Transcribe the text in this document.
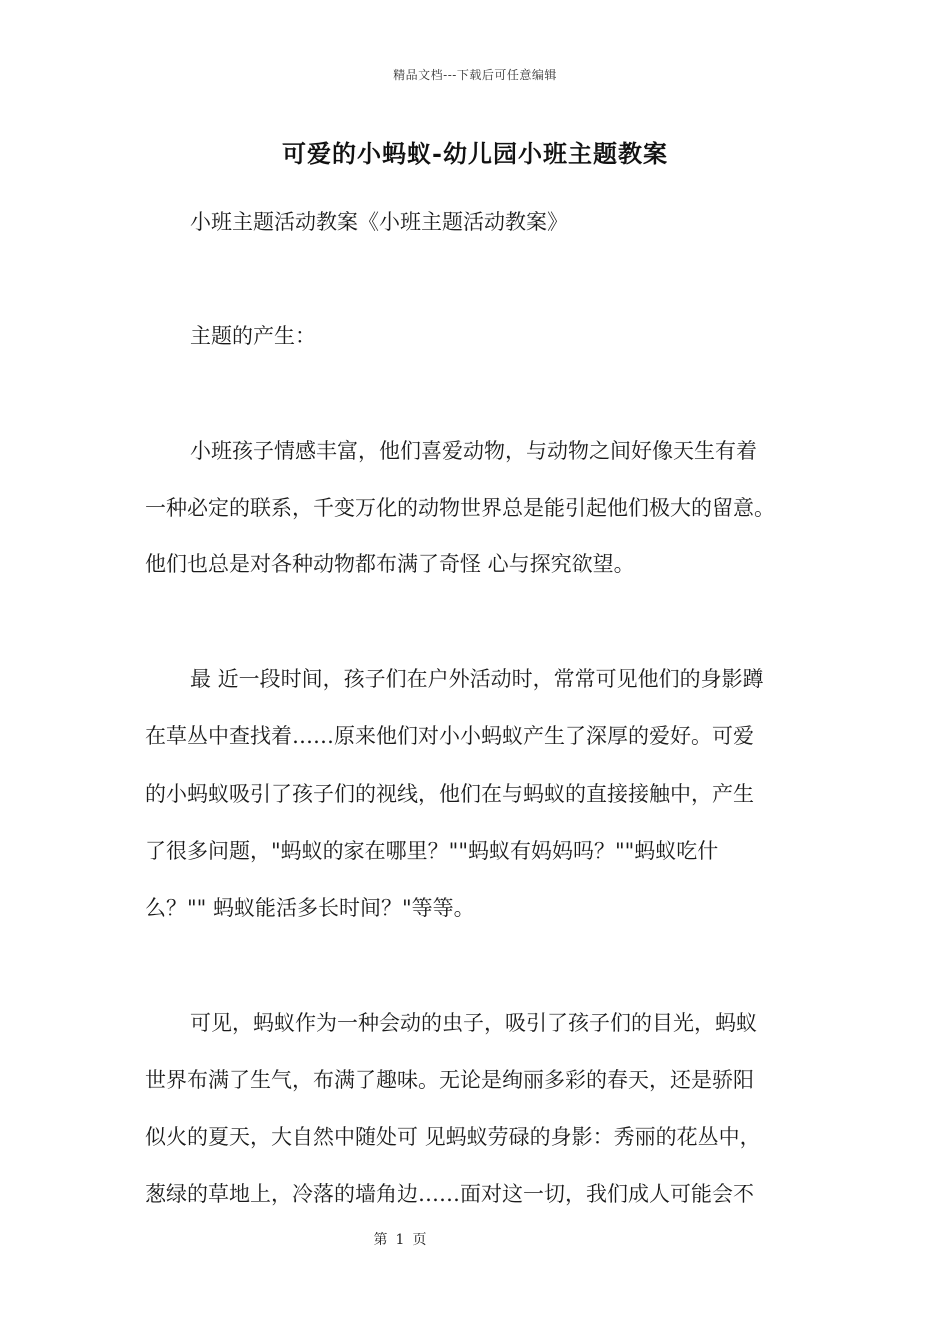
精品文档---下载后可任意编辑
可爱的小蚂蚁-幼儿园小班主题教案
小班主题活动教案《小班主题活动教案》
主题的产生：
小班孩子情感丰富，他们喜爱动物，与动物之间好像天生有着
一种必定的联系，千变万化的动物世界总是能引起他们极大的留意。
他们也总是对各种动物都布满了奇怪 心与探究欲望。
最 近一段时间，孩子们在户外活动时，常常可见他们的身影蹲
在草丛中查找着……原来他们对小小蚂蚁产生了深厚的爱好。可爱
的小蚂蚁吸引了孩子们的视线，他们在与蚂蚁的直接接触中，产生
了很多问题，"蚂蚁的家在哪里？""蚂蚁有妈妈吗？""蚂蚁吃什
么？"" 蚂蚁能活多长时间？"等等。
可见，蚂蚁作为一种会动的虫子，吸引了孩子们的目光，蚂蚁
世界布满了生气，布满了趣味。无论是绚丽多彩的春天，还是骄阳
似火的夏天，大自然中随处可 见蚂蚁劳碌的身影：秀丽的花丛中，
葱绿的草地上，冷落的墙角边……面对这一切，我们成人可能会不
第 1 页
